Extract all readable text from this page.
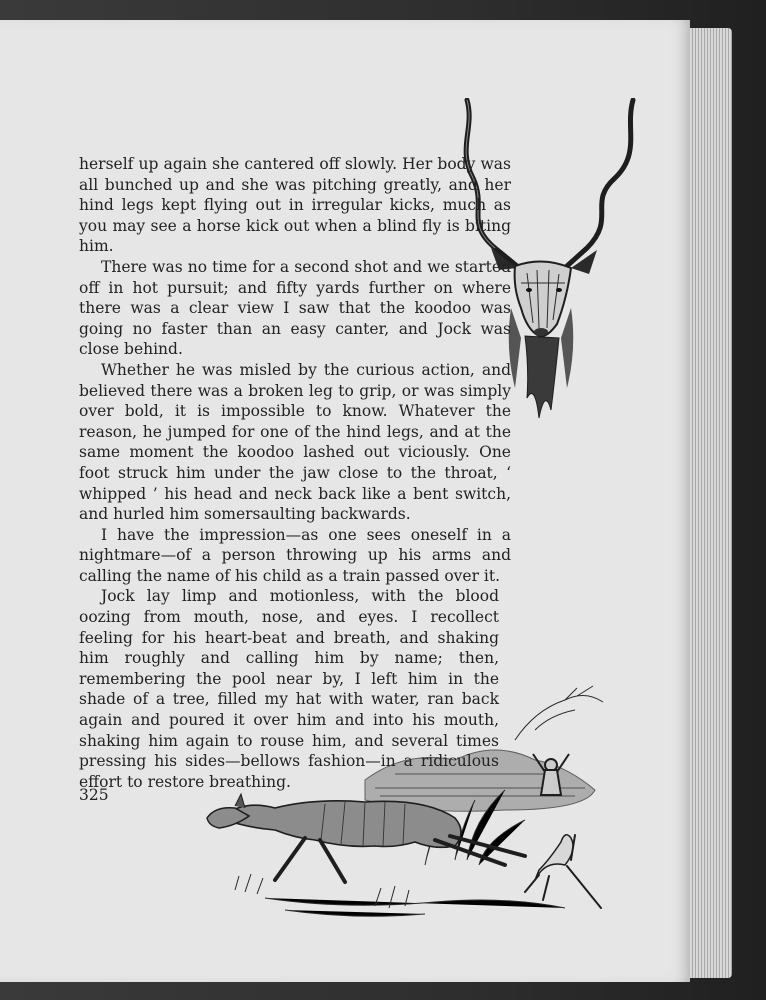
herself up again she cantered off slowly. Her body was all bunched up and she was pitching greatly, and her hind legs kept flying out in irregular kicks, much as you may see a horse kick out when a blind fly is biting him.

There was no time for a second shot and we started off in hot pursuit; and fifty yards further on where there was a clear view I saw that the koodoo was going no faster than an easy canter, and Jock was close behind.

Whether he was misled by the curious action, and believed there was a broken leg to grip, or was simply over bold, it is impossible to know. Whatever the reason, he jumped for one of the hind legs, and at the same moment the koodoo lashed out viciously. One foot struck him under the jaw close to the throat, ‘ whipped ’ his head and neck back like a bent switch, and hurled him somersaulting backwards.

I have the impression—as one sees oneself in a nightmare—of a person throwing up his arms and calling the name of his child as a train passed over it.

Jock lay limp and motionless, with the blood oozing from mouth, nose, and eyes. I recollect feeling for his heart-beat and breath, and shaking him roughly and calling him by name; then, remembering the pool near by, I left him in the shade of a tree, filled my hat with water, ran back again and poured it over him and into his mouth, shaking him again to rouse him, and several times pressing his sides—bellows fashion—in a ridiculous effort to restore breathing.

325
